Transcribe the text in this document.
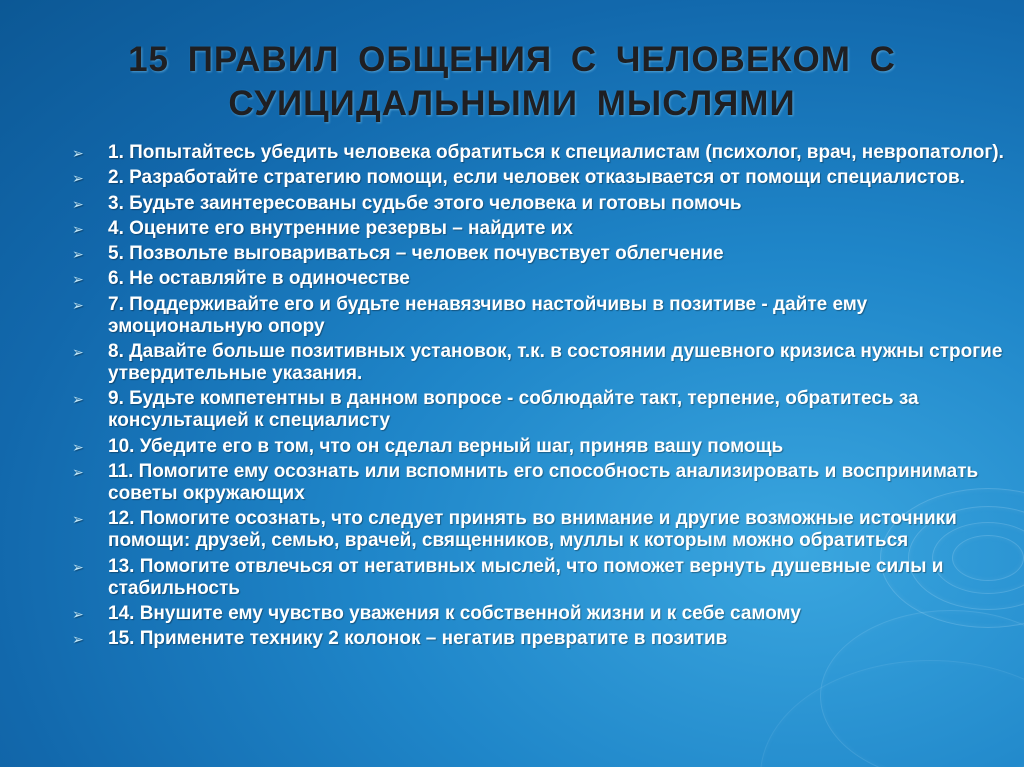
15 ПРАВИЛ ОБЩЕНИЯ С ЧЕЛОВЕКОМ С
СУИЦИДАЛЬНЫМИ МЫСЛЯМИ
➢ 1. Попытайтесь убедить человека обратиться к специалистам (психолог, врач, невропатолог).
➢ 2. Разработайте стратегию помощи, если человек отказывается от помощи специалистов.
➢ 3. Будьте заинтересованы судьбе этого человека и готовы помочь
➢ 4. Оцените его внутренние резервы – найдите их
➢ 5. Позвольте выговариваться – человек почувствует облегчение
➢ 6. Не оставляйте в одиночестве
➢ 7. Поддерживайте его и будьте ненавязчиво настойчивы в позитиве - дайте ему эмоциональную опору
➢ 8. Давайте больше позитивных установок, т.к. в состоянии душевного кризиса нужны строгие утвердительные указания.
➢ 9. Будьте компетентны в данном вопросе - соблюдайте такт, терпение, обратитесь за консультацией к специалисту
➢ 10. Убедите его в том, что он сделал верный шаг, приняв вашу помощь
➢ 11. Помогите ему осознать или вспомнить его способность анализировать и воспринимать советы окружающих
➢ 12. Помогите осознать, что следует принять во внимание и другие возможные источники помощи: друзей, семью, врачей, священников, муллы к которым можно обратиться
➢ 13. Помогите отвлечься от негативных мыслей, что поможет вернуть душевные силы и стабильность
➢ 14. Внушите ему чувство уважения к собственной жизни и к себе самому
➢ 15. Примените технику 2 колонок – негатив превратите в позитив
